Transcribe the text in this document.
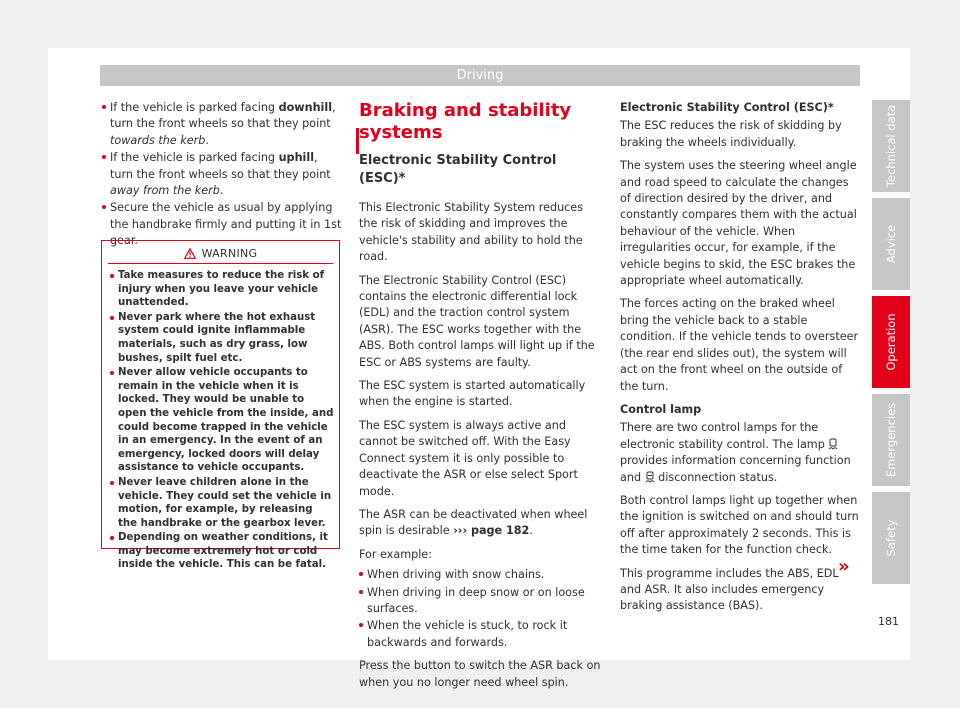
Driving
If the vehicle is parked facing downhill, turn the front wheels so that they point towards the kerb.
If the vehicle is parked facing uphill, turn the front wheels so that they point away from the kerb.
Secure the vehicle as usual by applying the handbrake firmly and putting it in 1st gear.
WARNING
Take measures to reduce the risk of injury when you leave your vehicle unattended.
Never park where the hot exhaust system could ignite inflammable materials, such as dry grass, low bushes, spilt fuel etc.
Never allow vehicle occupants to remain in the vehicle when it is locked. They would be unable to open the vehicle from the inside, and could become trapped in the vehicle in an emergency. In the event of an emergency, locked doors will delay assistance to vehicle occupants.
Never leave children alone in the vehicle. They could set the vehicle in motion, for example, by releasing the handbrake or the gearbox lever.
Depending on weather conditions, it may become extremely hot or cold inside the vehicle. This can be fatal.
Braking and stability systems
Electronic Stability Control (ESC)*

This Electronic Stability System reduces the risk of skidding and improves the vehicle's stability and ability to hold the road.

The Electronic Stability Control (ESC) contains the electronic differential lock (EDL) and the traction control system (ASR). The ESC works together with the ABS. Both control lamps will light up if the ESC or ABS systems are faulty.

The ESC system is started automatically when the engine is started.

The ESC system is always active and cannot be switched off. With the Easy Connect system it is only possible to deactivate the ASR or else select Sport mode.

The ASR can be deactivated when wheel spin is desirable ››› page 182.

For example:

When driving with snow chains.
When driving in deep snow or on loose surfaces.
When the vehicle is stuck, to rock it backwards and forwards.

Press the button to switch the ASR back on when you no longer need wheel spin.

Electronic Stability Control (ESC)*

The ESC reduces the risk of skidding by braking the wheels individually.

The system uses the steering wheel angle and road speed to calculate the changes of direction desired by the driver, and constantly compares them with the actual behaviour of the vehicle. When irregularities occur, for example, if the vehicle begins to skid, the ESC brakes the appropriate wheel automatically.

The forces acting on the braked wheel bring the vehicle back to a stable condition. If the vehicle tends to oversteer (the rear end slides out), the system will act on the front wheel on the outside of the turn.

Control lamp

There are two control lamps for the electronic stability control. The lamp  provides information concerning function and  disconnection status.

Both control lamps light up together when the ignition is switched on and should turn off after approximately 2 seconds. This is the time taken for the function check.

This programme includes the ABS, EDL and ASR. It also includes emergency braking assistance (BAS).

»
Technical data
Advice
Operation
Emergencies
Safety
181
